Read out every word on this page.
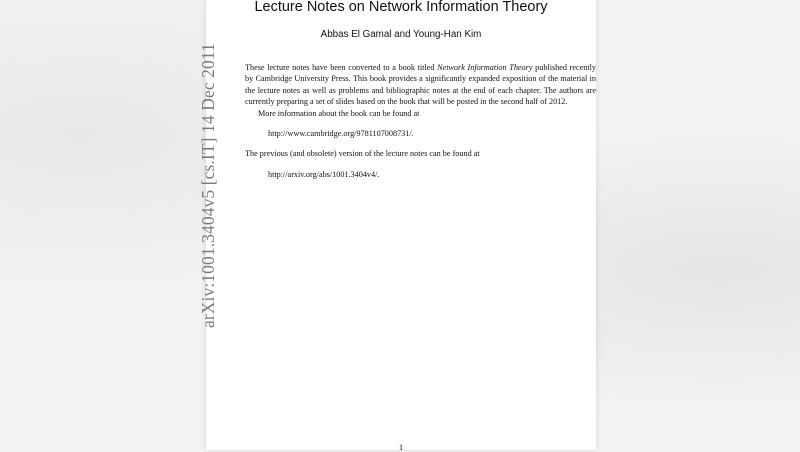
Lecture Notes on Network Information Theory
Abbas El Gamal and Young-Han Kim
arXiv:1001.3404v5 [cs.IT] 14 Dec 2011	These lecture notes have been converted to a book titled Network Information Theory published recently by Cambridge University Press. This book provides a significantly expanded exposition of the material in the lecture notes as well as problems and bibliographic notes at the end of each chapter. The authors are currently preparing a set of slides based on the book that will be posted in the second half of 2012.

More information about the book can be found at

http://www.cambridge.org/9781107008731/.

The previous (and obsolete) version of the lecture notes can be found at

http://arxiv.org/abs/1001.3404v4/.

1
